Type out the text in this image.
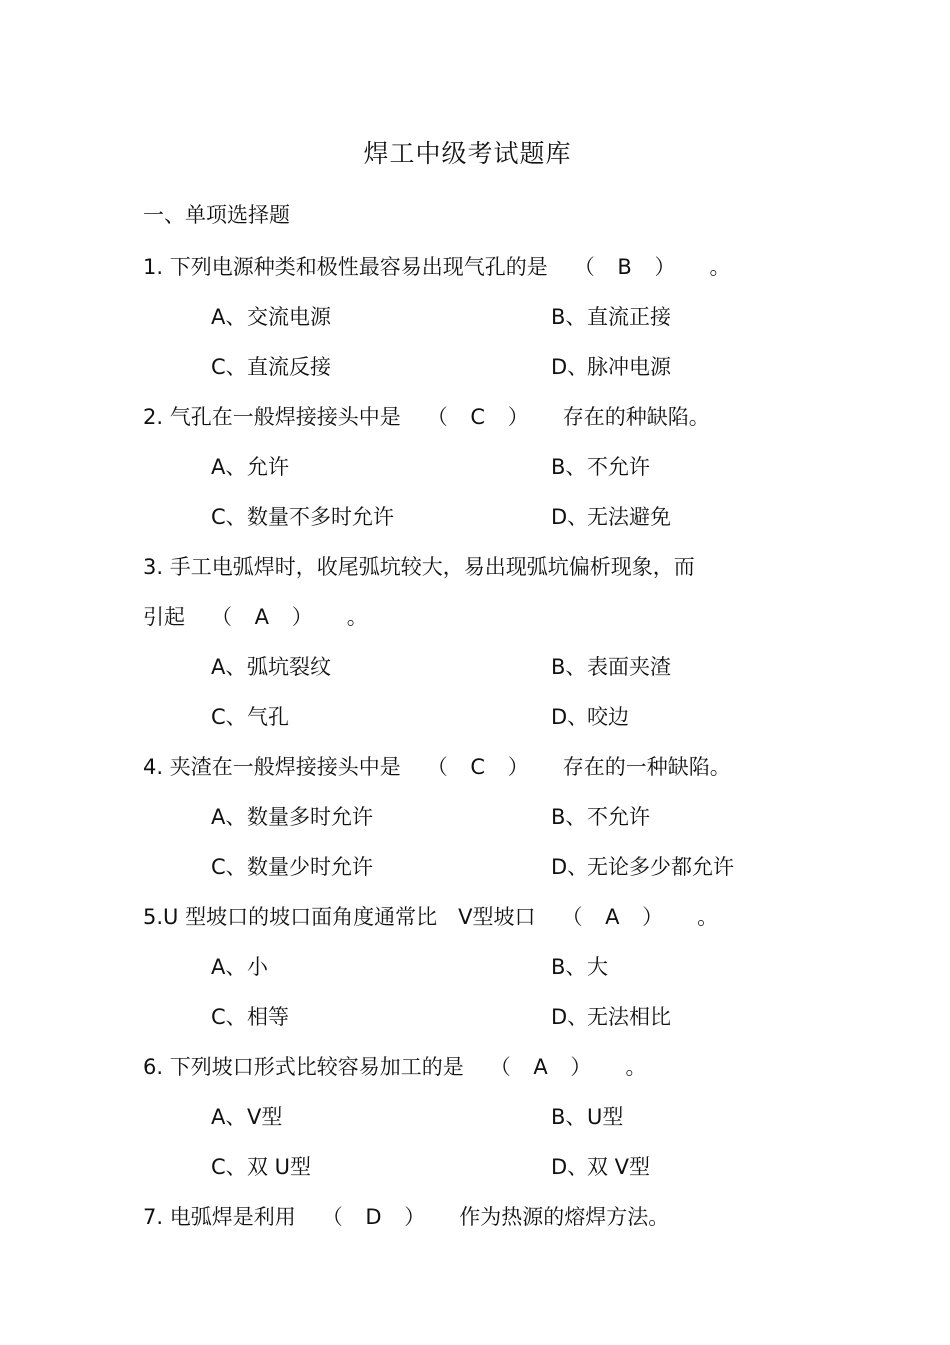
焊工中级考试题库
一、单项选择题
1. 下列电源种类和极性最容易出现气孔的是 （ B ） 。
A、交流电源	B、直流正接
C、直流反接	D、脉冲电源
2. 气孔在一般焊接接头中是 （ C ） 存在的种缺陷。
A、允许	B、不允许
C、数量不多时允许	D、无法避免
3. 手工电弧焊时，收尾弧坑较大，易出现弧坑偏析现象，而
引起 （ A ） 。
A、弧坑裂纹	B、表面夹渣
C、气孔	D、咬边
4. 夹渣在一般焊接接头中是 （ C ） 存在的一种缺陷。
A、数量多时允许	B、不允许
C、数量少时允许	D、无论多少都允许
5.U 型坡口的坡口面角度通常比　V型坡口 （ A ） 。
A、小	B、大
C、相等	D、无法相比
6. 下列坡口形式比较容易加工的是 （ A ） 。
A、V型	B、U型
C、双 U型	D、双 V型
7. 电弧焊是利用 （ D ） 作为热源的熔焊方法。
